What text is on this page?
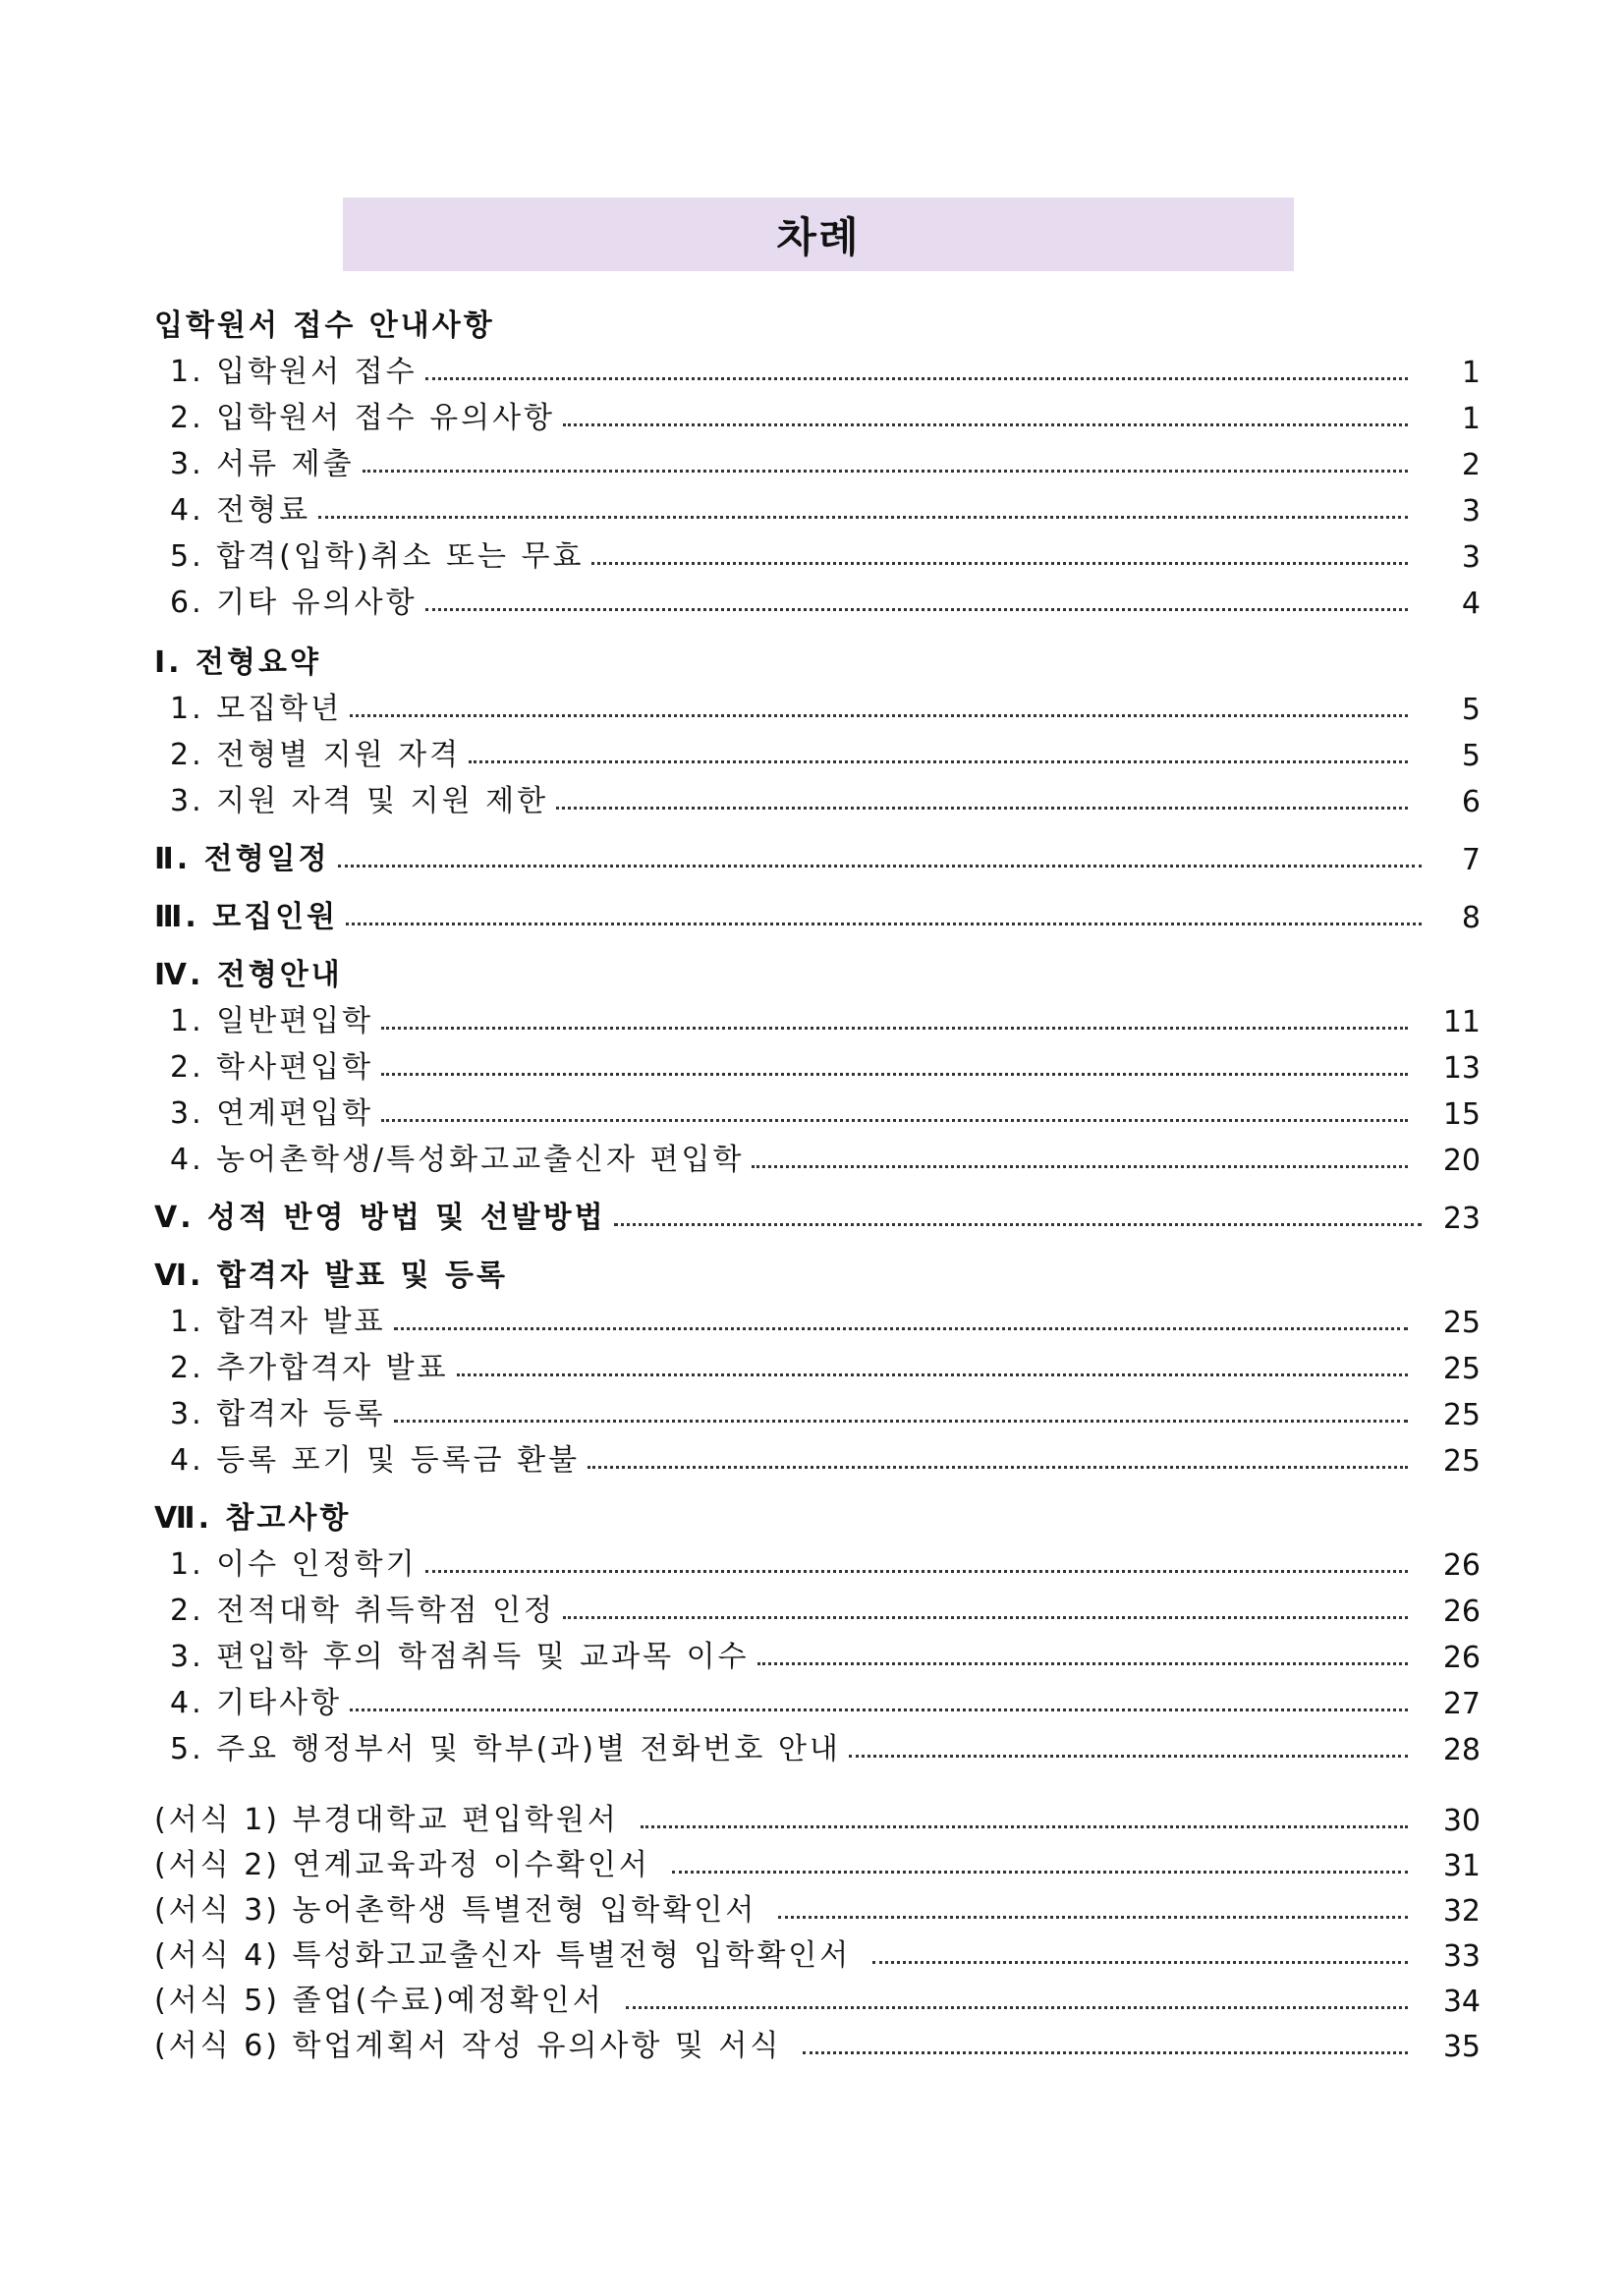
차례
입학원서 접수 안내사항
1. 입학원서 접수	1
2. 입학원서 접수 유의사항	1
3. 서류 제출	2
4. 전형료	3
5. 합격(입학)취소 또는 무효	3
6. 기타 유의사항	4
Ⅰ. 전형요약
1. 모집학년	5
2. 전형별 지원 자격	5
3. 지원 자격 및 지원 제한	6
Ⅱ. 전형일정	7
Ⅲ. 모집인원	8
Ⅳ. 전형안내
1. 일반편입학	11
2. 학사편입학	13
3. 연계편입학	15
4. 농어촌학생/특성화고교출신자 편입학	20
Ⅴ. 성적 반영 방법 및 선발방법	23
Ⅵ. 합격자 발표 및 등록
1. 합격자 발표	25
2. 추가합격자 발표	25
3. 합격자 등록	25
4. 등록 포기 및 등록금 환불	25
Ⅶ. 참고사항
1. 이수 인정학기	26
2. 전적대학 취득학점 인정	26
3. 편입학 후의 학점취득 및 교과목 이수	26
4. 기타사항	27
5. 주요 행정부서 및 학부(과)별 전화번호 안내	28
(서식 1) 부경대학교 편입학원서	30
(서식 2) 연계교육과정 이수확인서	31
(서식 3) 농어촌학생 특별전형 입학확인서	32
(서식 4) 특성화고교출신자 특별전형 입학확인서	33
(서식 5) 졸업(수료)예정확인서	34
(서식 6) 학업계획서 작성 유의사항 및 서식	35
